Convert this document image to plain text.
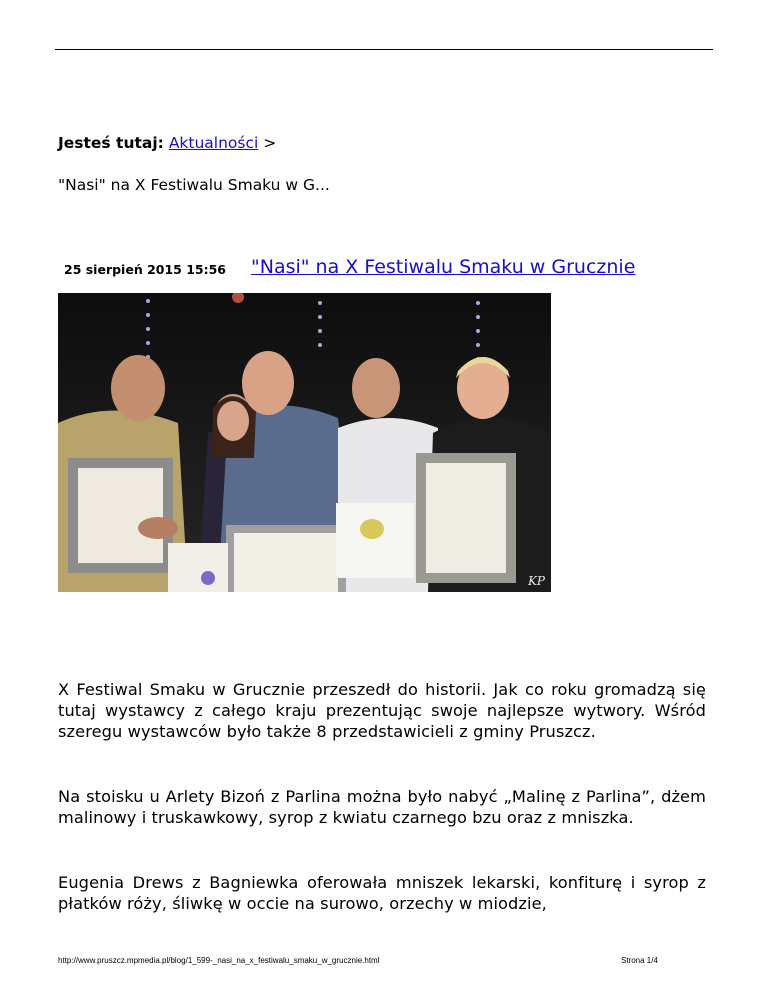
Jesteś tutaj: Aktualności >
"Nasi" na X Festiwalu Smaku w G...
25 sierpień 2015 15:56 "Nasi" na X Festiwalu Smaku w Grucznie
KP
X Festiwal Smaku w Grucznie przeszedł do historii. Jak co roku gromadzą się tutaj wystawcy z całego kraju prezentując swoje najlepsze wytwory. Wśród szeregu wystawców było także 8 przedstawicieli z gminy Pruszcz.
Na stoisku u Arlety Bizoń z Parlina można było nabyć „Malinę z Parlina”, dżem malinowy i truskawkowy, syrop z kwiatu czarnego bzu oraz z mniszka.
Eugenia Drews z Bagniewka oferowała mniszek lekarski, konfiturę i syrop z płatków róży, śliwkę w occie na surowo, orzechy w miodzie,
http://www.pruszcz.mpmedia.pl/blog/1_599-_nasi_na_x_festiwalu_smaku_w_grucznie.html	Strona 1/4
